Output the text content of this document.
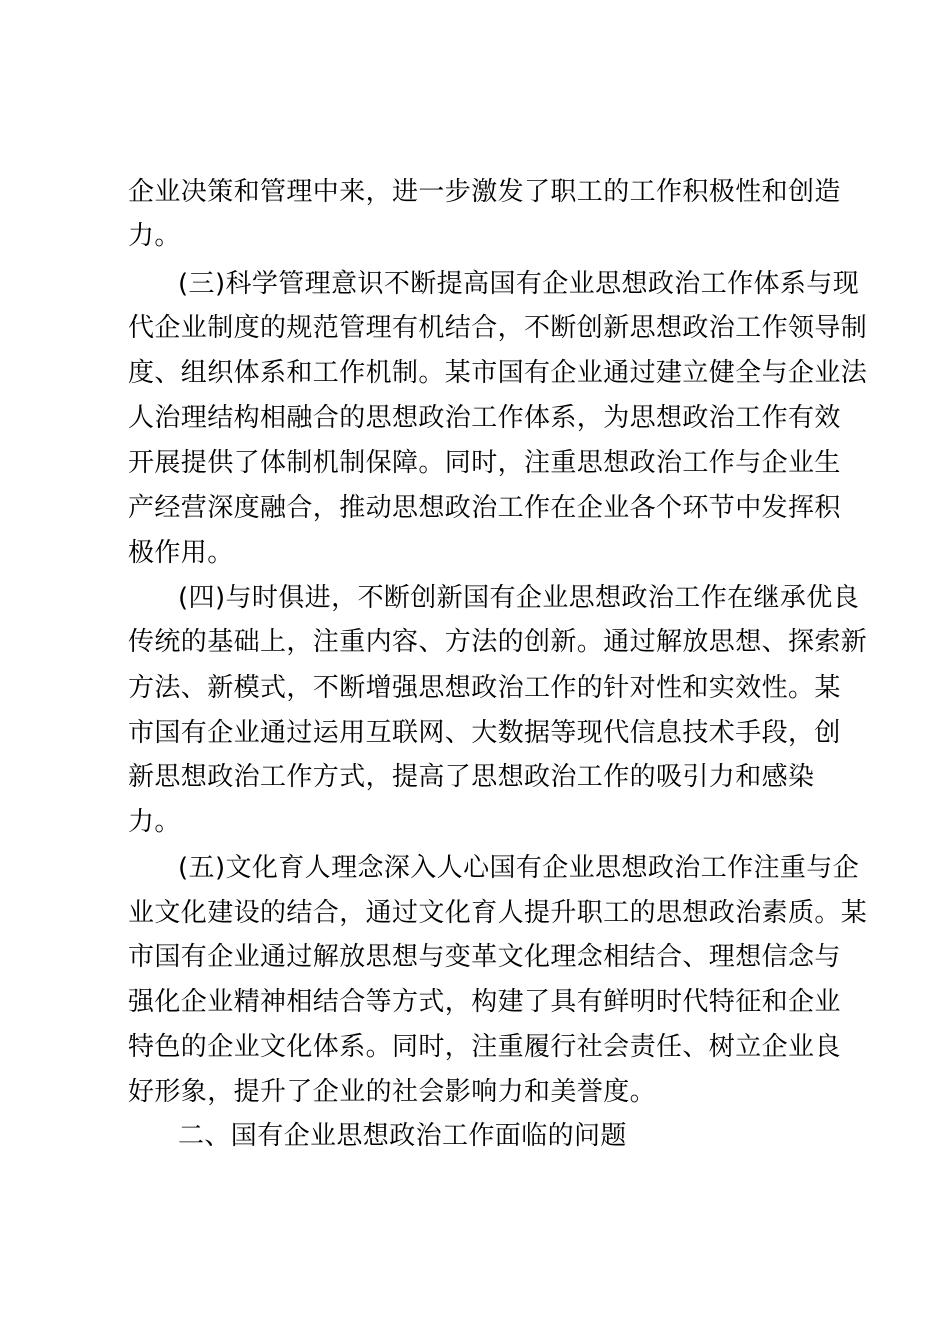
企业决策和管理中来，进一步激发了职工的工作积极性和创造
力。
(三)科学管理意识不断提高国有企业思想政治工作体系与现
代企业制度的规范管理有机结合，不断创新思想政治工作领导制
度、组织体系和工作机制。某市国有企业通过建立健全与企业法
人治理结构相融合的思想政治工作体系，为思想政治工作有效
开展提供了体制机制保障。同时，注重思想政治工作与企业生
产经营深度融合，推动思想政治工作在企业各个环节中发挥积
极作用。
(四)与时俱进，不断创新国有企业思想政治工作在继承优良
传统的基础上，注重内容、方法的创新。通过解放思想、探索新
方法、新模式，不断增强思想政治工作的针对性和实效性。某
市国有企业通过运用互联网、大数据等现代信息技术手段，创
新思想政治工作方式，提高了思想政治工作的吸引力和感染
力。
(五)文化育人理念深入人心国有企业思想政治工作注重与企
业文化建设的结合，通过文化育人提升职工的思想政治素质。某
市国有企业通过解放思想与变革文化理念相结合、理想信念与
强化企业精神相结合等方式，构建了具有鲜明时代特征和企业
特色的企业文化体系。同时，注重履行社会责任、树立企业良
好形象，提升了企业的社会影响力和美誉度。
二、国有企业思想政治工作面临的问题
